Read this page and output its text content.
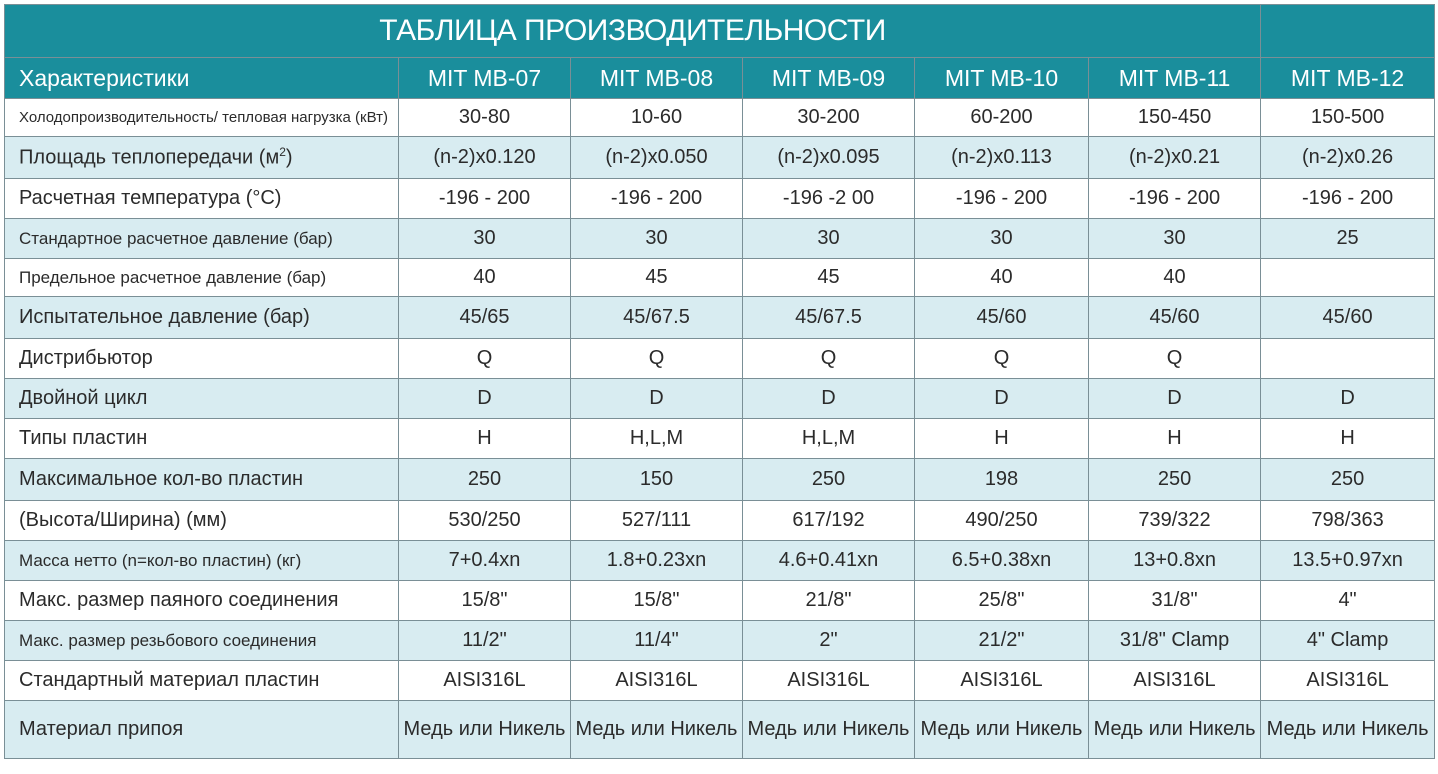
ТАБЛИЦА ПРОИЗВОДИТЕЛЬНОСТИ						
Характеристики	MIT MB-07	MIT MB-08	MIT MB-09	MIT MB-10	MIT MB-11	MIT MB-12
Холодопроизводительность/ тепловая нагрузка (кВт)	30-80	10-60	30-200	60-200	150-450	150-500
Площадь теплопередачи $(м^2)$	(n-2)x0.120	(n-2)x0.050	(n-2)x0.095	(n-2)x0.113	(n-2)x0.21	(n-2)x0.26
Расчетная температура (°C)	-196 - 200	-196 - 200	-196 -2 00	-196 - 200	-196 - 200	-196 - 200
Стандартное расчетное давление (бар)	30	30	30	30	30	25
Предельное расчетное давление (бар)	40	45	45	40	40	
Испытательное давление (бар)	45/65	45/67.5	45/67.5	45/60	45/60	45/60
Дистрибьютор	Q	Q	Q	Q	Q	
Двойной цикл	D	D	D	D	D	D
Типы пластин	H	H,L,M	H,L,M	H	H	H
Максимальное кол-во пластин	250	150	250	198	250	250
(Высота/Ширина) (мм)	530/250	527/111	617/192	490/250	739/322	798/363
Масса нетто (n=кол-во пластин) (кг)	7+0.4xn	1.8+0.23xn	4.6+0.41xn	6.5+0.38xn	13+0.8xn	13.5+0.97xn
Макс. размер паяного соединения	15/8"	15/8"	21/8"	25/8"	31/8"	4"
Макс. размер резьбового соединения	11/2"	11/4"	2"	21/2"	31/8" Clamp	4" Clamp
Стандартный материал пластин	AISI316L	AISI316L	AISI316L	AISI316L	AISI316L	AISI316L
Материал припоя	Медь или Никель	Медь или Никель	Медь или Никель	Медь или Никель	Медь или Никель	Медь или Никель
